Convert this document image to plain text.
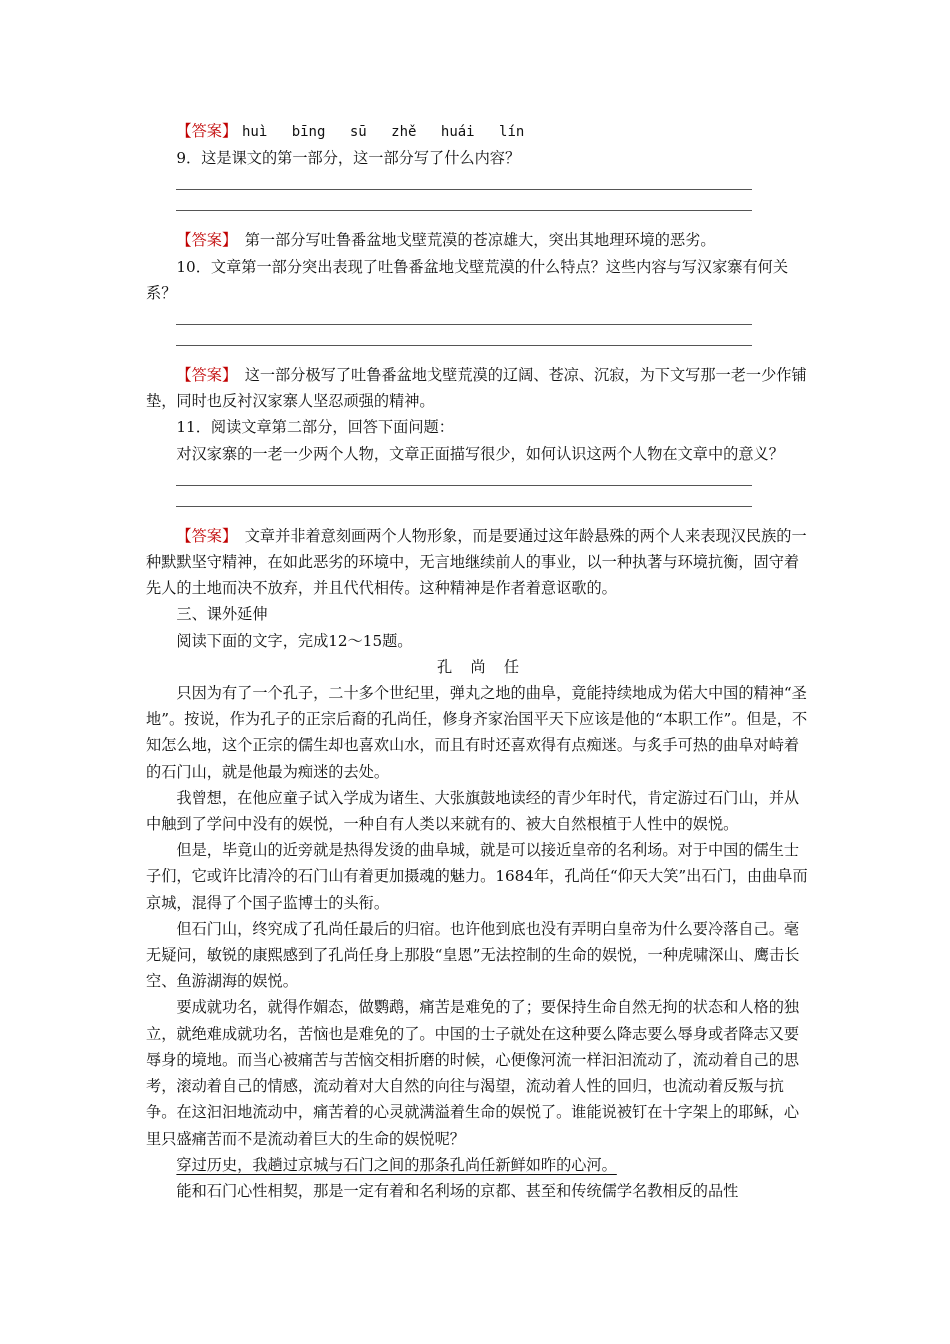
【答案】 huì bīng sū zhě huái lín

9．这是课文的第一部分，这一部分写了什么内容？

【答案】　 第一部分写吐鲁番盆地戈壁荒漠的苍凉雄大，突出其地理环境的恶劣。

10．文章第一部分突出表现了吐鲁番盆地戈壁荒漠的什么特点？这些内容与写汉家寨有何关系？

【答案】　 这一部分极写了吐鲁番盆地戈壁荒漠的辽阔、苍凉、沉寂，为下文写那一老一少作铺垫，同时也反衬汉家寨人坚忍顽强的精神。

11．阅读文章第二部分，回答下面问题：

对汉家寨的一老一少两个人物，文章正面描写很少，如何认识这两个人物在文章中的意义？

【答案】　 文章并非着意刻画两个人物形象，而是要通过这年龄悬殊的两个人来表现汉民族的一种默默坚守精神，在如此恶劣的环境中，无言地继续前人的事业，以一种执著与环境抗衡，固守着先人的土地而决不放弃，并且代代相传。这种精神是作者着意讴歌的。

三、课外延伸

阅读下面的文字，完成12～15题。

孔尚任

只因为有了一个孔子，二十多个世纪里，弹丸之地的曲阜，竟能持续地成为偌大中国的精神“圣地”。按说，作为孔子的正宗后裔的孔尚任，修身齐家治国平天下应该是他的“本职工作”。但是，不知怎么地，这个正宗的儒生却也喜欢山水，而且有时还喜欢得有点痴迷。与炙手可热的曲阜对峙着的石门山，就是他最为痴迷的去处。

我曾想，在他应童子试入学成为诸生、大张旗鼓地读经的青少年时代，肯定游过石门山，并从中触到了学问中没有的娱悦，一种自有人类以来就有的、被大自然根植于人性中的娱悦。

但是，毕竟山的近旁就是热得发烫的曲阜城，就是可以接近皇帝的名利场。对于中国的儒生士子们，它或许比清冷的石门山有着更加摄魂的魅力。1684年，孔尚任“仰天大笑”出石门，由曲阜而京城，混得了个国子监博士的头衔。

但石门山，终究成了孔尚任最后的归宿。也许他到底也没有弄明白皇帝为什么要冷落自己。毫无疑问，敏锐的康熙感到了孔尚任身上那股“皇恩”无法控制的生命的娱悦，一种虎啸深山、鹰击长空、鱼游湖海的娱悦。

要成就功名，就得作媚态，做鹦鹉，痛苦是难免的了；要保持生命自然无拘的状态和人格的独立，就绝难成就功名，苦恼也是难免的了。中国的士子就处在这种要么降志要么辱身或者降志又要辱身的境地。而当心被痛苦与苦恼交相折磨的时候，心便像河流一样汩汩流动了，流动着自己的思考，滚动着自己的情感，流动着对大自然的向往与渴望，流动着人性的回归，也流动着反叛与抗争。在这汩汩地流动中，痛苦着的心灵就满溢着生命的娱悦了。谁能说被钉在十字架上的耶稣，心里只盛痛苦而不是流动着巨大的生命的娱悦呢？

穿过历史，我趟过京城与石门之间的那条孔尚任新鲜如昨的心河。

能和石门心性相契，那是一定有着和名利场的京都、甚至和传统儒学名教相反的品性
